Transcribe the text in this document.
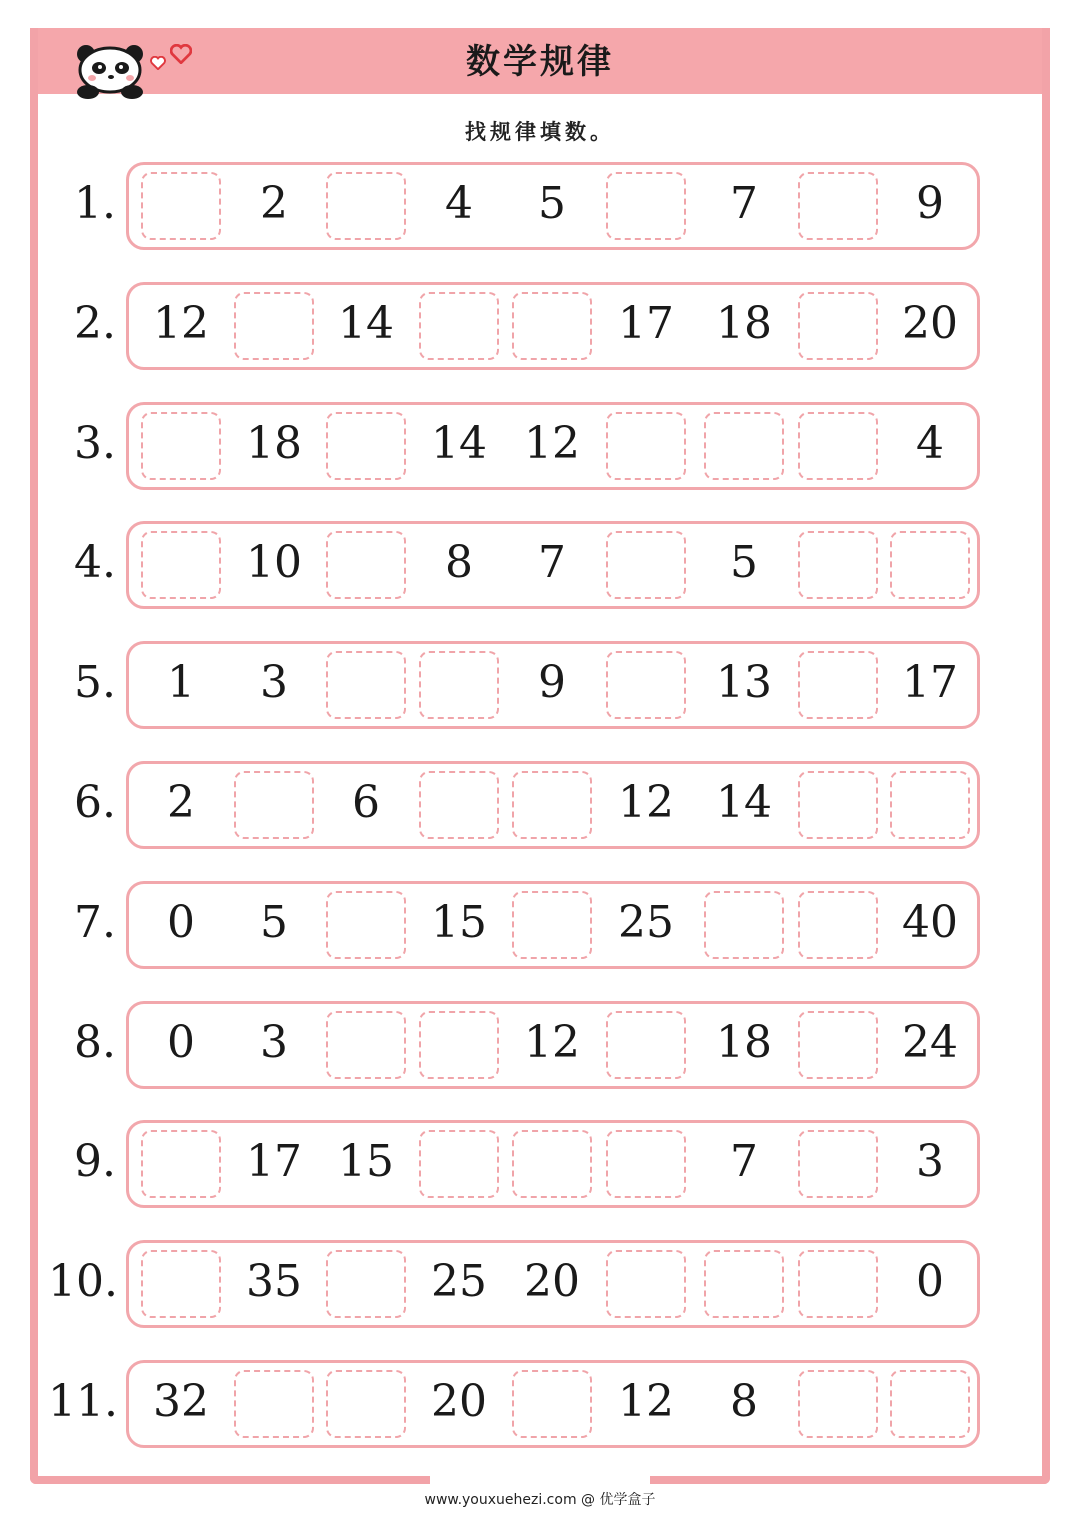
数学规律
找规律填数。
1.	2	4	5	7	9
2. 12	14	17 18	20
3.	18	14 12	4
4.	10	8	7	5
5.	1	3	9	13	17
6.	2	6	12 14
7.	0	5	15	25	40
8.	0	3	12	18	24
9.	17 15	7	3
10.	35	25 20	0
11. 32	20	12	8
www.youxuehezi.com @ 优学盒子
